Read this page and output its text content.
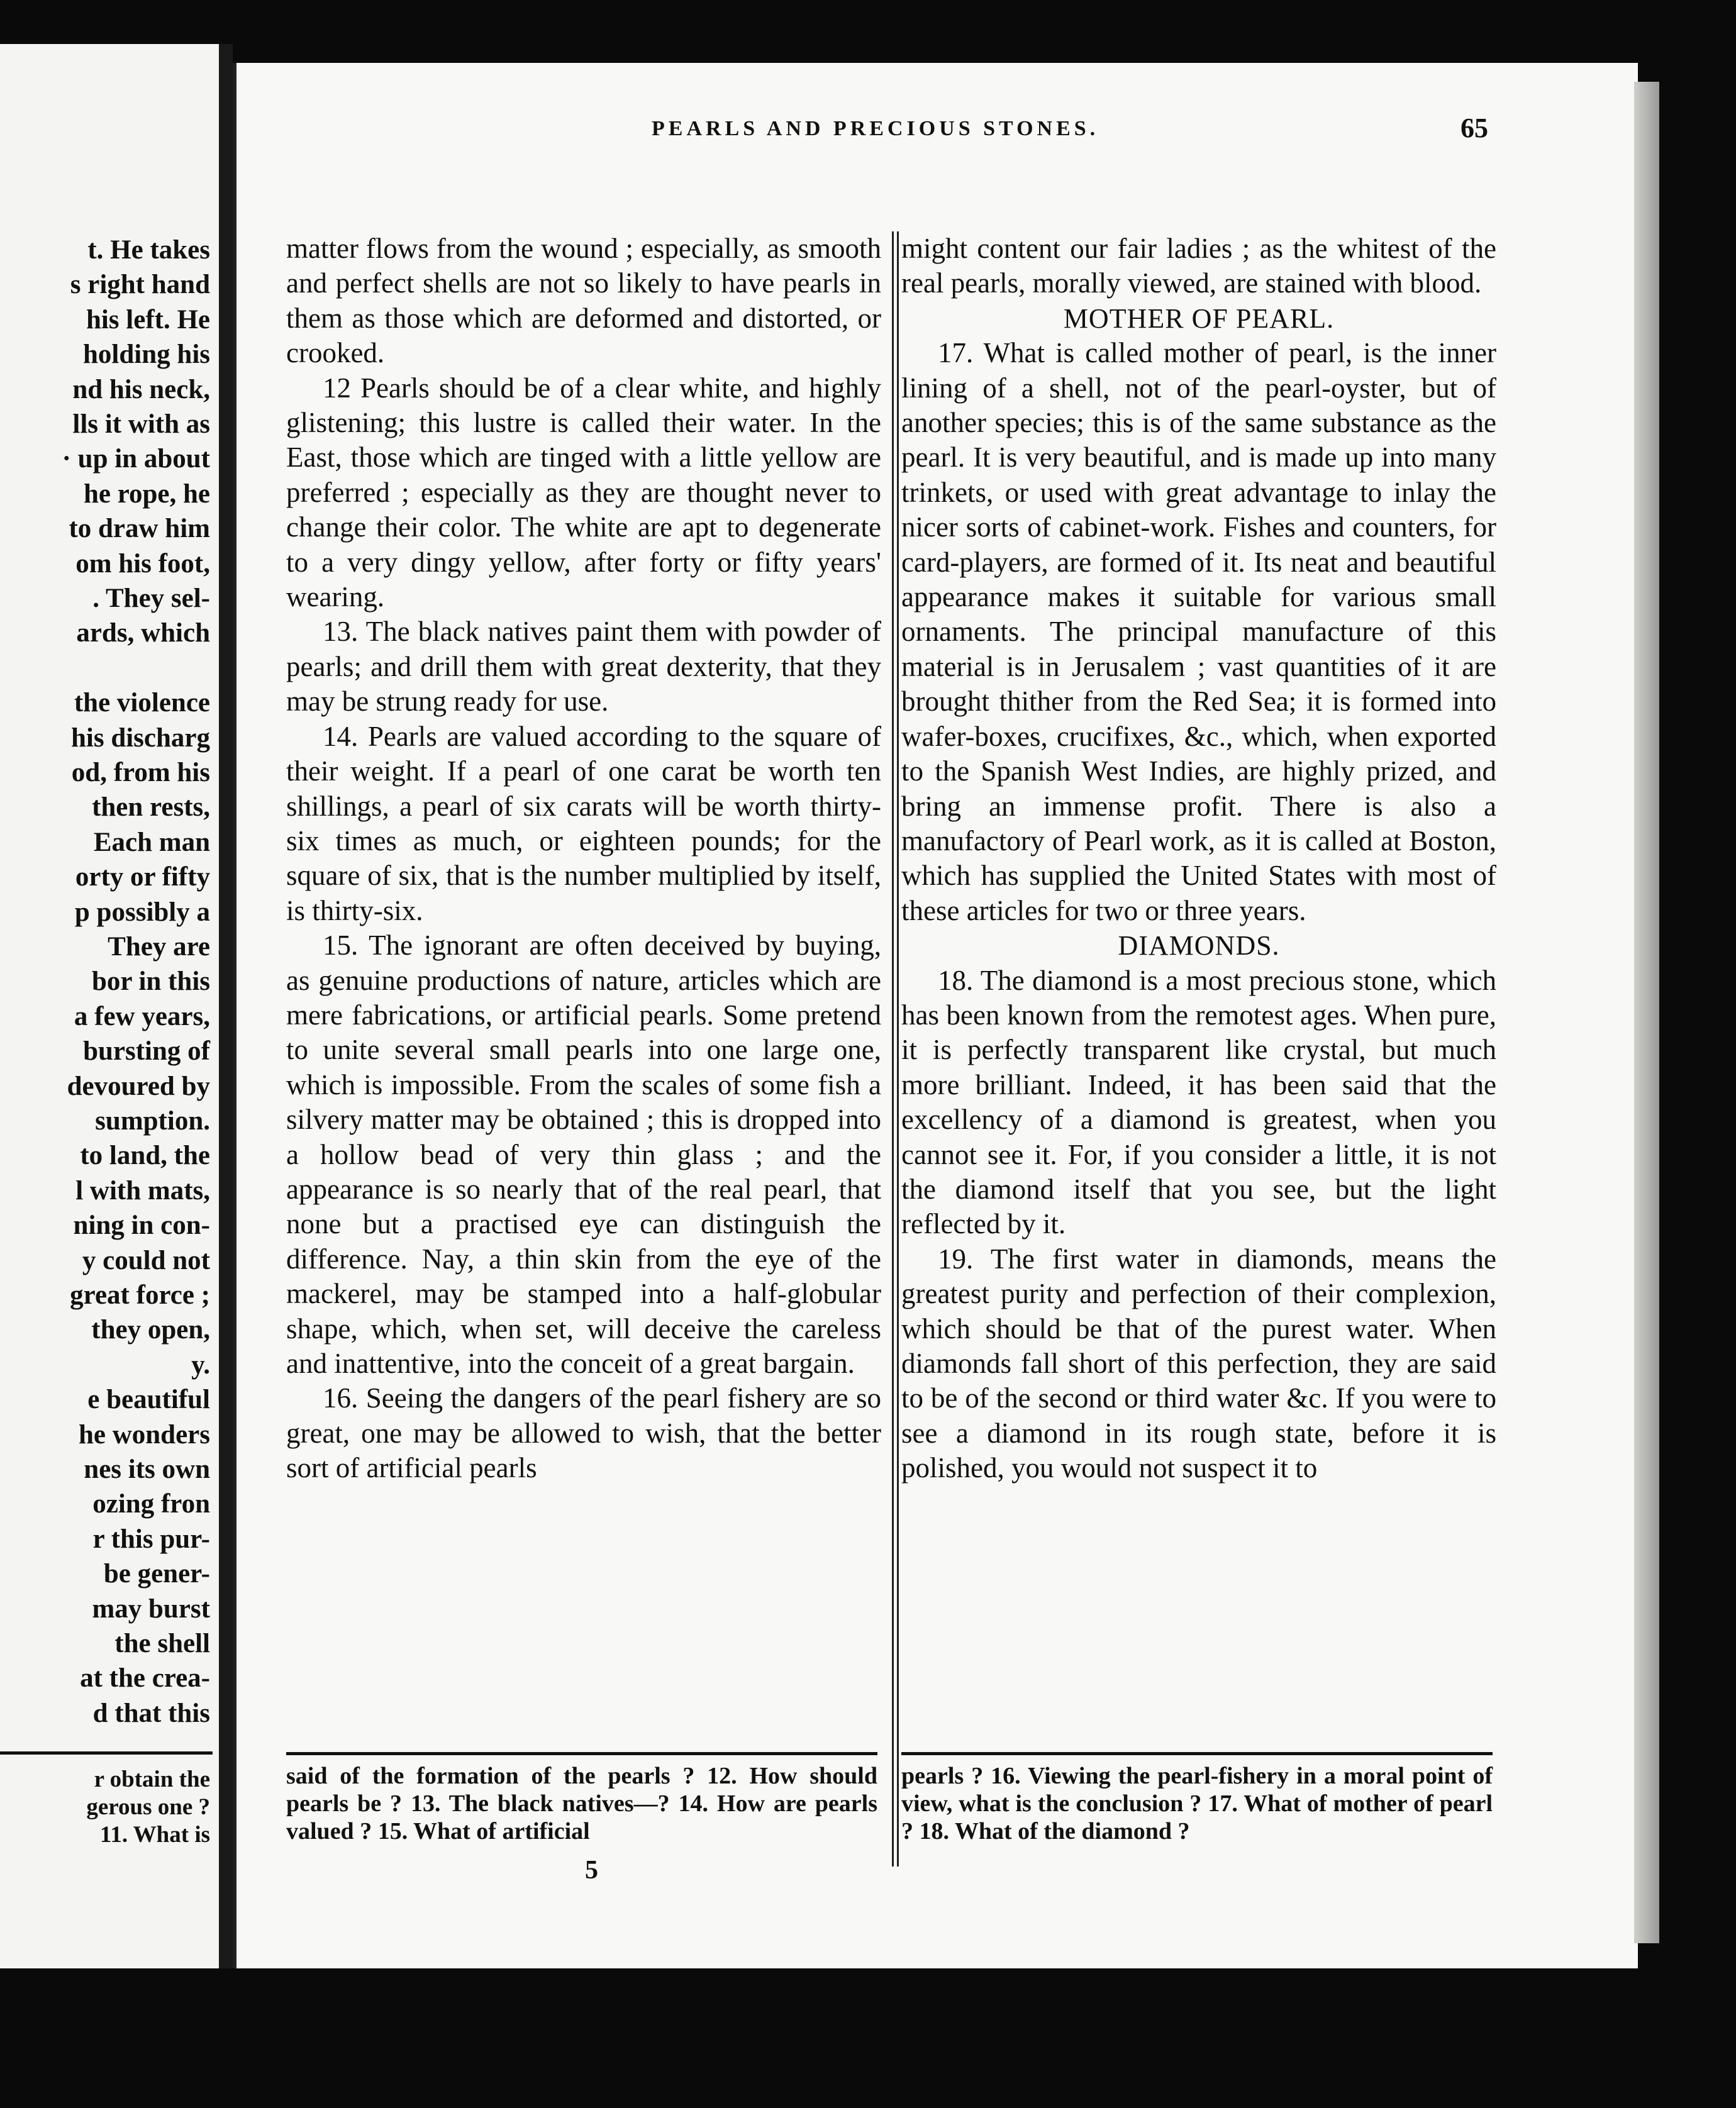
t. He takes
s right hand
his left. He
holding his
nd his neck,
lls it with as
· up in about
he rope, he
to draw him
om his foot,
. They sel-
ards, which
the violence
his discharg
od, from his
then rests,
Each man
orty or fifty
p possibly a
They are
bor in this
a few years,
bursting of
devoured by
sumption.
to land, the
l with mats,
ning in con-
y could not
great force ;
they open,
y.
e beautiful
he wonders
nes its own
ozing fron
r this pur-
be gener-
may burst
the shell
at the crea-
d that this
r obtain the
gerous one ?
11. What is
PEARLS AND PRECIOUS STONES.	65

matter flows from the wound ; especially, as smooth and perfect shells are not so likely to have pearls in them as those which are deformed and distorted, or crooked.

12 Pearls should be of a clear white, and highly glistening; this lustre is called their water. In the East, those which are tinged with a little yellow are preferred ; especially as they are thought never to change their color. The white are apt to degenerate to a very dingy yellow, after forty or fifty years' wearing.

13. The black natives paint them with powder of pearls; and drill them with great dexterity, that they may be strung ready for use.

14. Pearls are valued according to the square of their weight. If a pearl of one carat be worth ten shillings, a pearl of six carats will be worth thirty-six times as much, or eighteen pounds; for the square of six, that is the number multiplied by itself, is thirty-six.

15. The ignorant are often deceived by buying, as genuine productions of nature, articles which are mere fabrications, or artificial pearls. Some pretend to unite several small pearls into one large one, which is impossible. From the scales of some fish a silvery matter may be obtained ; this is dropped into a hollow bead of very thin glass ; and the appearance is so nearly that of the real pearl, that none but a practised eye can distinguish the difference. Nay, a thin skin from the eye of the mackerel, may be stamped into a half-globular shape, which, when set, will deceive the careless and inattentive, into the conceit of a great bargain.

16. Seeing the dangers of the pearl fishery are so great, one may be allowed to wish, that the better sort of artificial pearls

might content our fair ladies ; as the whitest of the real pearls, morally viewed, are stained with blood.

MOTHER OF PEARL.

17. What is called mother of pearl, is the inner lining of a shell, not of the pearl-oyster, but of another species; this is of the same substance as the pearl. It is very beautiful, and is made up into many trinkets, or used with great advantage to inlay the nicer sorts of cabinet-work. Fishes and counters, for card-players, are formed of it. Its neat and beautiful appearance makes it suitable for various small ornaments. The principal manufacture of this material is in Jerusalem ; vast quantities of it are brought thither from the Red Sea; it is formed into wafer-boxes, crucifixes, &c., which, when exported to the Spanish West Indies, are highly prized, and bring an immense profit. There is also a manufactory of Pearl work, as it is called at Boston, which has supplied the United States with most of these articles for two or three years.

DIAMONDS.

18. The diamond is a most precious stone, which has been known from the remotest ages. When pure, it is perfectly transparent like crystal, but much more brilliant. Indeed, it has been said that the excellency of a diamond is greatest, when you cannot see it. For, if you consider a little, it is not the diamond itself that you see, but the light reflected by it.

19. The first water in diamonds, means the greatest purity and perfection of their complexion, which should be that of the purest water. When diamonds fall short of this perfection, they are said to be of the second or third water &c. If you were to see a diamond in its rough state, before it is polished, you would not suspect it to

said of the formation of the pearls ? 12. How should pearls be ? 13. The black natives—? 14. How are pearls valued ? 15. What of artificial
pearls ? 16. Viewing the pearl-fishery in a moral point of view, what is the conclusion ? 17. What of mother of pearl ? 18. What of the diamond ?
5
